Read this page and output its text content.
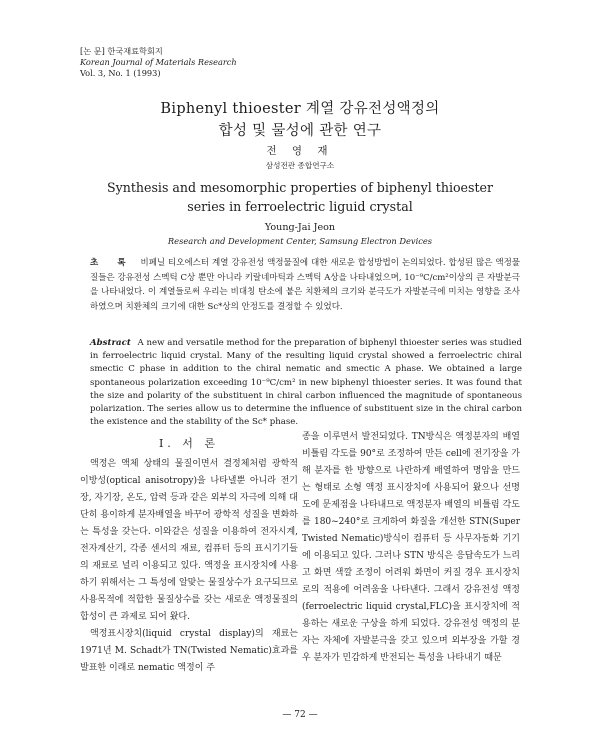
[논 문] 한국재료학회지
Korean Journal of Materials Research
Vol. 3, No. 1 (1993)
Biphenyl thioester 계열 강유전성액정의
합성 및 물성에 관한 연구
전 영 재
삼성전관 종합연구소
Synthesis and mesomorphic properties of biphenyl thioester
series in ferroelectric liguid crystal
Young-Jai Jeon
Research and Development Center, Samsung Electron Devices
초 록 비페닐 티오에스터 계열 강유전성 액정물질에 대한 새로운 합성방법이 논의되었다. 합성된 많은 액정물질들은 강유전성 스멕틱 C상 뿐만 아니라 키랄네마틱과 스멕틱 A상을 나타내었으며, 10⁻⁹C/cm²이상의 큰 자발분극을 나타내었다. 이 계열들로써 우리는 비대칭 탄소에 붙은 치환체의 크기와 분극도가 자발분극에 미치는 영향을 조사하였으며 치환체의 크기에 대한 Sc*상의 안정도를 결정할 수 있었다.
Abstract A new and versatile method for the preparation of biphenyl thioester series was studied in ferroelectric liquid crystal. Many of the resulting liquid crystal showed a ferroelectric chiral smectic C phase in addition to the chiral nematic and smectic A phase. We obtained a large spontaneous polarization exceeding 10⁻⁹C/cm² in new biphenyl thioester series. It was found that the size and polarity of the substituent in chiral carbon influenced the magnitude of spontaneous polarization. The series allow us to determine the influence of substituent size in the chiral carbon the existence and the stability of the Sc* phase.
I. 서 론

액정은 액체 상태의 물질이면서 결정체처럼 광학적 이방성(optical anisotropy)을 나타낼뿐 아니라 전기장, 자기장, 온도, 압력 등과 같은 외부의 자극에 의해 대단히 용이하게 분자배열을 바꾸어 광학적 성질을 변화하는 특성을 갖는다. 이와같은 성질을 이용하여 전자시계, 전자계산기, 각종 센서의 재료, 컴퓨터 등의 표시기기들의 재료로 널리 이용되고 있다. 액정을 표시장치에 사용하기 위해서는 그 특성에 알맞는 물질상수가 요구되므로 사용목적에 적합한 물질상수를 갖는 새로운 액정물질의 합성이 큰 과제로 되어 왔다.

액정표시장치(liquid crystal display)의 재료는 1971년 M. Schadt가 TN(Twisted Nematic)효과를 발표한 이래로 nematic 액정이 주

종을 이루면서 발전되었다. TN방식은 액정분자의 배열 비틀림 각도를 90°로 조정하여 만든 cell에 전기장을 가해 분자를 한 방향으로 나란하게 배열하여 명암을 만드는 형태로 소형 액정 표시장치에 사용되어 왔으나 선명도에 문제점을 나타내므로 액정분자 배열의 비틀림 각도를 180~240°로 크게하여 화질을 개선한 STN(Super Twisted Nematic)방식이 컴퓨터 등 사무자동화 기기에 이용되고 있다. 그러나 STN 방식은 응답속도가 느리고 화면 색깔 조정이 어려워 화면이 커질 경우 표시장치로의 적용에 어려움을 나타낸다. 그래서 강유전성 액정(ferroelectric liquid crystal,FLC)을 표시장치에 적용하는 새로운 구상을 하게 되었다. 강유전성 액정의 분자는 자체에 자발분극을 갖고 있으며 외부장을 가할 경우 분자가 민감하게 반전되는 특성을 나타내기 때문

— 72 —
